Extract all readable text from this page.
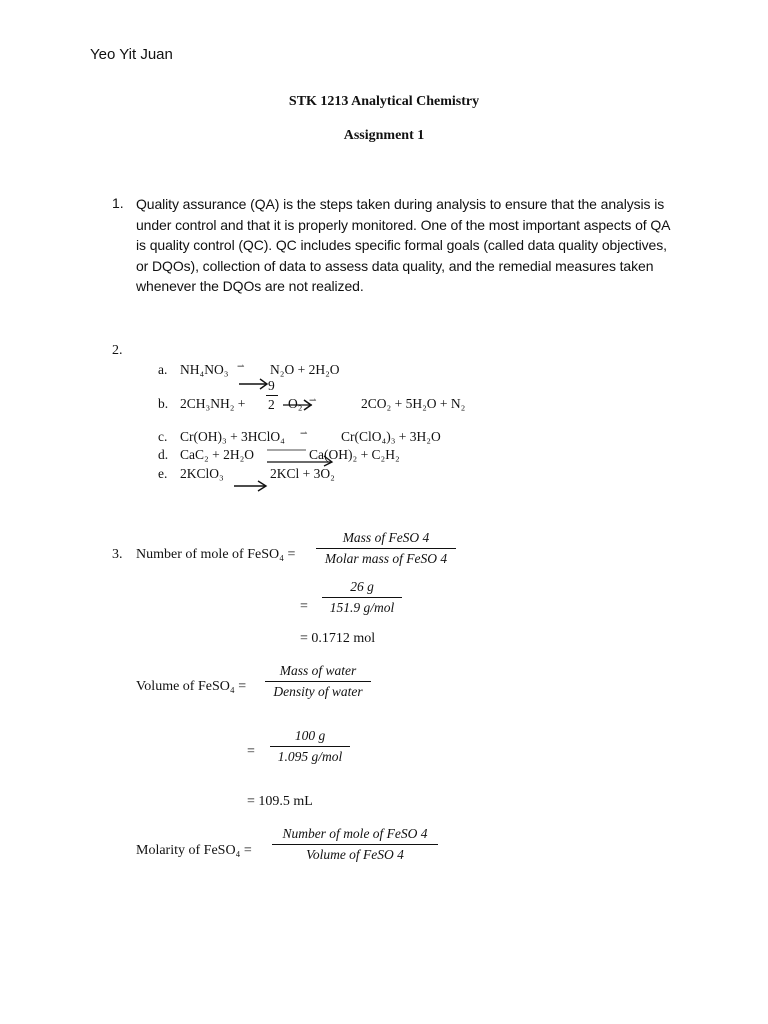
Yeo Yit Juan
STK 1213 Analytical Chemistry
Assignment 1
1. Quality assurance (QA) is the steps taken during analysis to ensure that the analysis is under control and that it is properly monitored. One of the most important aspects of QA is quality control (QC). QC includes specific formal goals (called data quality objectives, or DQOs), collection of data to assess data quality, and the remedial measures taken whenever the DQOs are not realized.
2.
a. NH₄NO₃ ⇀ N₂O + 2H₂O
b. 2CH₃NH₂ +
9
2 O₂ ⇀	2CO₂ + 5H₂O + N₂
c. Cr(OH)₃ + 3HClO₄ ⇀ Cr(ClO₄)₃ + 3H₂O
d. CaC₂ + 2H₂O	Ca(OH)₂ + C₂H₂
e. 2KClO₃	2KCl + 3O₂
3. Number of mole of FeSO₄ =
Mass of FeSO 4
Molar mass of FeSO 4
=
26 g
151.9 g/mol
= 0.1712 mol
Volume of FeSO₄ =
Mass of water
Density of water
=
100 g
1.095 g/mol
= 109.5 mL
Molarity of FeSO₄ =
Number of mole of FeSO 4
Volume of FeSO 4
